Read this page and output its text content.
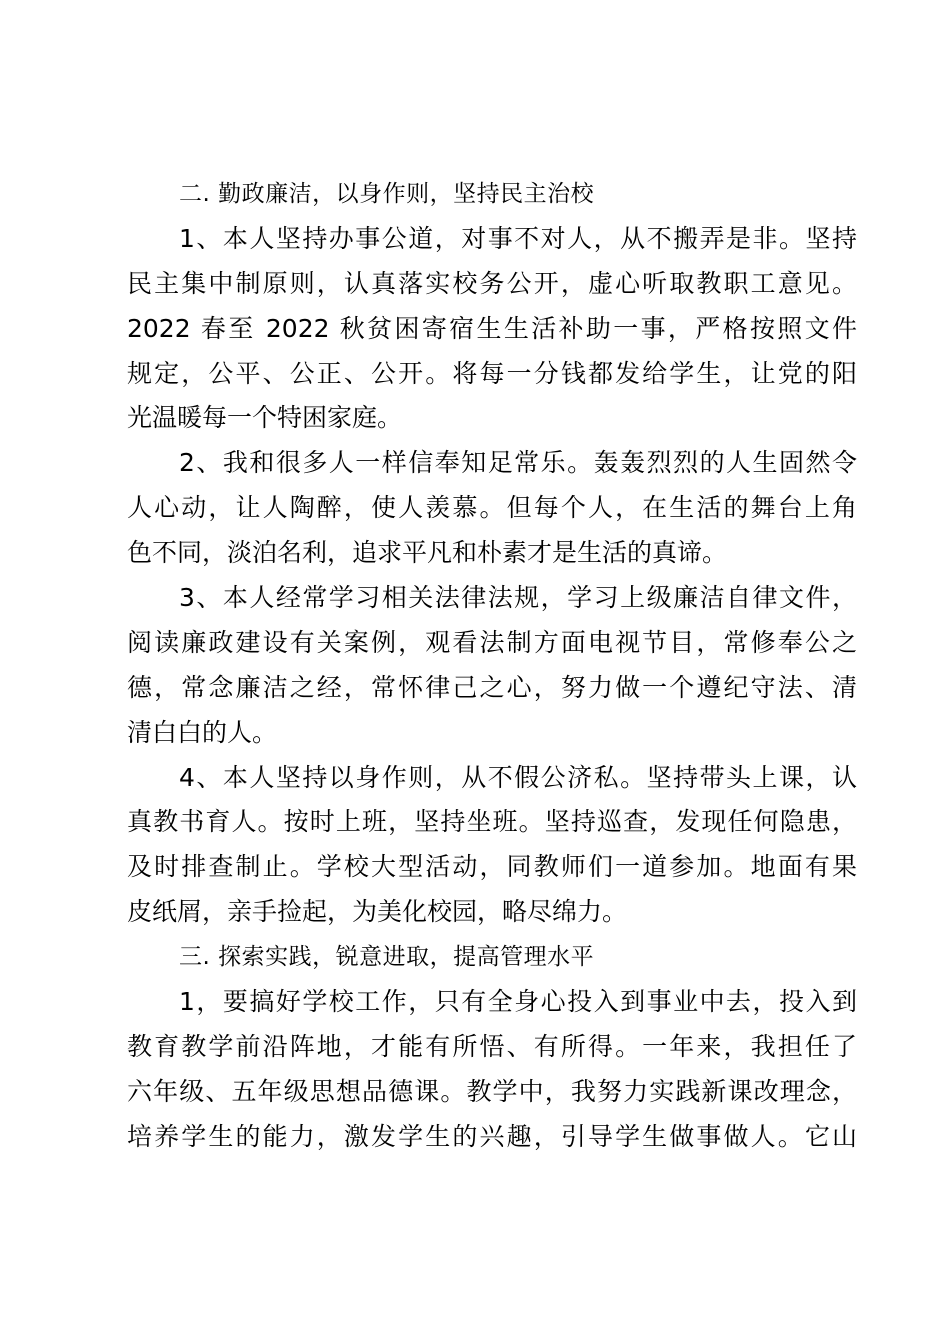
二. 勤政廉洁，以身作则，坚持民主治校
1、本人坚持办事公道，对事不对人，从不搬弄是非。坚持
民主集中制原则，认真落实校务公开，虚心听取教职工意见。
2022 春至 2022 秋贫困寄宿生生活补助一事，严格按照文件
规定，公平、公正、公开。将每一分钱都发给学生，让党的阳
光温暖每一个特困家庭。
2、我和很多人一样信奉知足常乐。轰轰烈烈的人生固然令
人心动，让人陶醉，使人羡慕。但每个人，在生活的舞台上角
色不同，淡泊名利，追求平凡和朴素才是生活的真谛。
3、本人经常学习相关法律法规，学习上级廉洁自律文件，
阅读廉政建设有关案例，观看法制方面电视节目，常修奉公之
德，常念廉洁之经，常怀律己之心，努力做一个遵纪守法、清
清白白的人。
4、本人坚持以身作则，从不假公济私。坚持带头上课，认
真教书育人。按时上班，坚持坐班。坚持巡查，发现任何隐患，
及时排查制止。学校大型活动，同教师们一道参加。地面有果
皮纸屑，亲手捡起，为美化校园，略尽绵力。
三. 探索实践，锐意进取，提高管理水平
1，要搞好学校工作，只有全身心投入到事业中去，投入到
教育教学前沿阵地，才能有所悟、有所得。一年来，我担任了
六年级、五年级思想品德课。教学中，我努力实践新课改理念，
培养学生的能力，激发学生的兴趣，引导学生做事做人。它山
